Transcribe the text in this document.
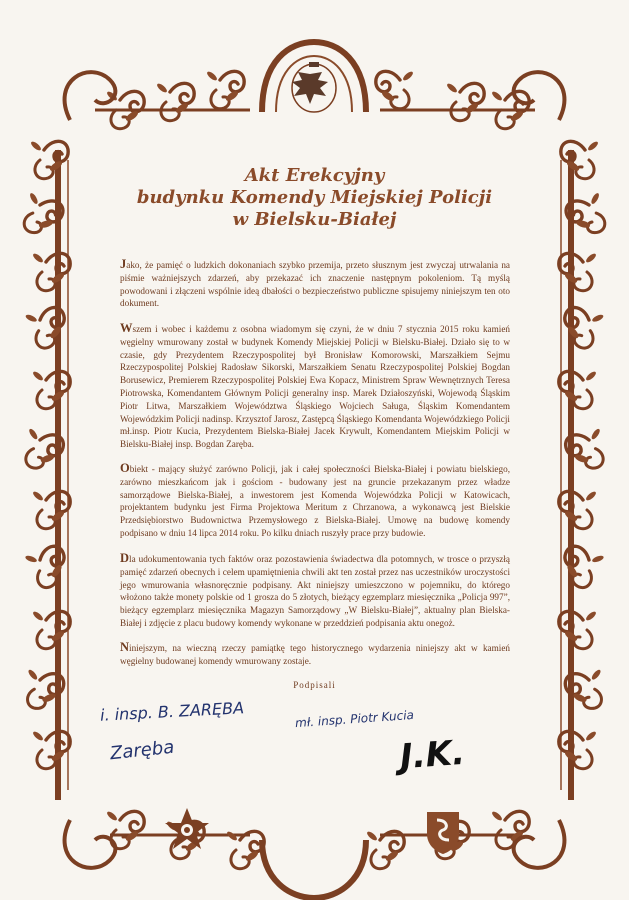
Akt Erekcyjny
budynku Komendy Miejskiej Policji
w Bielsku-Białej

Jako, że pamięć o ludzkich dokonaniach szybko przemija, przeto słusznym jest zwyczaj utrwalania na piśmie ważniejszych zdarzeń, aby przekazać ich znaczenie następnym pokoleniom. Tą myślą powodowani i złączeni wspólnie ideą dbałości o bezpieczeństwo publiczne spisujemy niniejszym ten oto dokument.

Wszem i wobec i każdemu z osobna wiadomym się czyni, że w dniu 7 stycznia 2015 roku kamień węgielny wmurowany został w budynek Komendy Miejskiej Policji w Bielsku-Białej. Działo się to w czasie, gdy Prezydentem Rzeczypospolitej był Bronisław Komorowski, Marszałkiem Sejmu Rzeczypospolitej Polskiej Radosław Sikorski, Marszałkiem Senatu Rzeczypospolitej Polskiej Bogdan Borusewicz, Premierem Rzeczypospolitej Polskiej Ewa Kopacz, Ministrem Spraw Wewnętrznych Teresa Piotrowska, Komendantem Głównym Policji generalny insp. Marek Działoszyński, Wojewodą Śląskim Piotr Litwa, Marszałkiem Województwa Śląskiego Wojciech Saługa, Śląskim Komendantem Wojewódzkim Policji nadinsp. Krzysztof Jarosz, Zastępcą Śląskiego Komendanta Wojewódzkiego Policji mł.insp. Piotr Kucia, Prezydentem Bielska-Białej Jacek Krywult, Komendantem Miejskim Policji w Bielsku-Białej insp. Bogdan Zaręba.

Obiekt - mający służyć zarówno Policji, jak i całej społeczności Bielska-Białej i powiatu bielskiego, zarówno mieszkańcom jak i gościom - budowany jest na gruncie przekazanym przez władze samorządowe Bielska-Białej, a inwestorem jest Komenda Wojewódzka Policji w Katowicach, projektantem budynku jest Firma Projektowa Meritum z Chrzanowa, a wykonawcą jest Bielskie Przedsiębiorstwo Budownictwa Przemysłowego z Bielska-Białej. Umowę na budowę komendy podpisano w dniu 14 lipca 2014 roku. Po kilku dniach ruszyły prace przy budowie.

Dla udokumentowania tych faktów oraz pozostawienia świadectwa dla potomnych, w trosce o przyszłą pamięć zdarzeń obecnych i celem upamiętnienia chwili akt ten został przez nas uczestników uroczystości jego wmurowania własnoręcznie podpisany. Akt niniejszy umieszczono w pojemniku, do którego włożono także monety polskie od 1 grosza do 5 złotych, bieżący egzemplarz miesięcznika „Policja 997”, bieżący egzemplarz miesięcznika Magazyn Samorządowy „W Bielsku-Białej”, aktualny plan Bielska-Białej i zdjęcie z placu budowy komendy wykonane w przeddzień podpisania aktu onegoż.

Niniejszym, na wieczną rzeczy pamiątkę tego historycznego wydarzenia niniejszy akt w kamień węgielny budowanej komendy wmurowany zostaje.

Podpisali
i. insp. B. ZARĘBA	mł. insp. Piotr Kucia
Zaręba	J.K.
